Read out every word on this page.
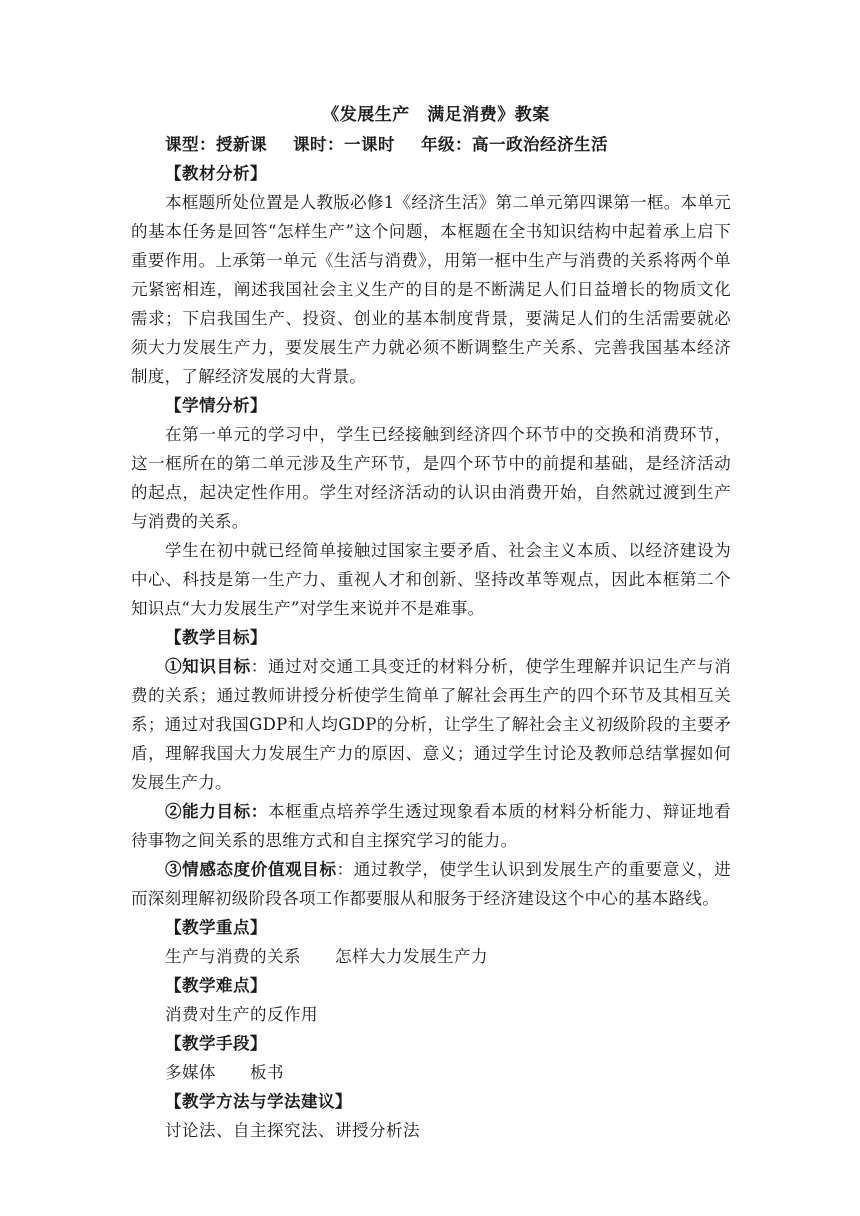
《发展生产　满足消费》教案
课型：授新课 课时：一课时 年级：高一政治经济生活
【教材分析】

本框题所处位置是人教版必修1《经济生活》第二单元第四课第一框。本单元的基本任务是回答“怎样生产”这个问题，本框题在全书知识结构中起着承上启下重要作用。上承第一单元《生活与消费》，用第一框中生产与消费的关系将两个单元紧密相连，阐述我国社会主义生产的目的是不断满足人们日益增长的物质文化需求；下启我国生产、投资、创业的基本制度背景，要满足人们的生活需要就必须大力发展生产力，要发展生产力就必须不断调整生产关系、完善我国基本经济制度，了解经济发展的大背景。

【学情分析】

在第一单元的学习中，学生已经接触到经济四个环节中的交换和消费环节，这一框所在的第二单元涉及生产环节，是四个环节中的前提和基础，是经济活动的起点，起决定性作用。学生对经济活动的认识由消费开始，自然就过渡到生产与消费的关系。

学生在初中就已经简单接触过国家主要矛盾、社会主义本质、以经济建设为中心、科技是第一生产力、重视人才和创新、坚持改革等观点，因此本框第二个知识点“大力发展生产”对学生来说并不是难事。

【教学目标】

①知识目标：通过对交通工具变迁的材料分析，使学生理解并识记生产与消费的关系；通过教师讲授分析使学生简单了解社会再生产的四个环节及其相互关系；通过对我国GDP和人均GDP的分析，让学生了解社会主义初级阶段的主要矛盾，理解我国大力发展生产力的原因、意义；通过学生讨论及教师总结掌握如何发展生产力。

②能力目标：本框重点培养学生透过现象看本质的材料分析能力、辩证地看待事物之间关系的思维方式和自主探究学习的能力。

③情感态度价值观目标：通过教学，使学生认识到发展生产的重要意义，进而深刻理解初级阶段各项工作都要服从和服务于经济建设这个中心的基本路线。

【教学重点】
生产与消费的关系 怎样大力发展生产力
【教学难点】
消费对生产的反作用
【教学手段】
多媒体 板书
【教学方法与学法建议】
讨论法、自主探究法、讲授分析法
